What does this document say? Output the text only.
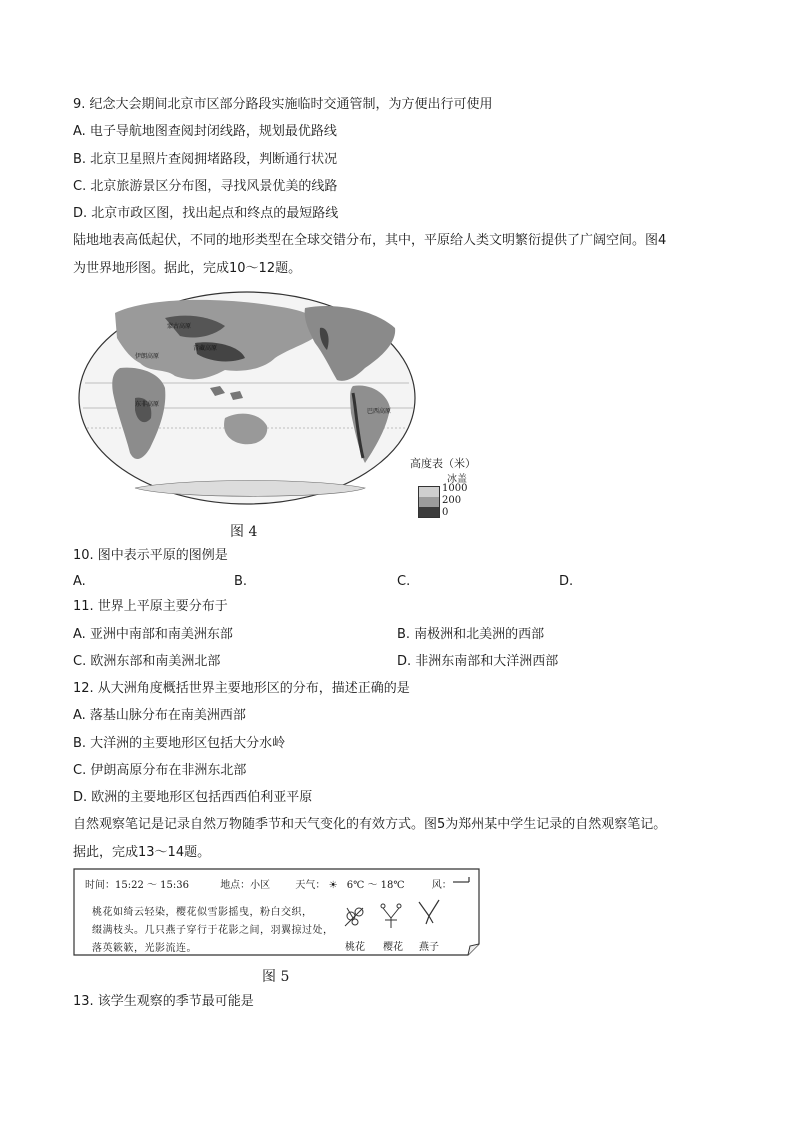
9. 纪念大会期间北京市区部分路段实施临时交通管制，为方便出行可使用
A. 电子导航地图查阅封闭线路，规划最优路线
B. 北京卫星照片查阅拥堵路段，判断通行状况
C. 北京旅游景区分布图，寻找风景优美的线路
D. 北京市政区图，找出起点和终点的最短路线
陆地地表高低起伏，不同的地形类型在全球交错分布，其中，平原给人类文明繁衍提供了广阔空间。图4
为世界地形图。据此，完成10～12题。
蒙古高原
青藏高原
伊朗高原
东非高原
巴西高原
高度表（米）
冰盖
1000
200
0
图 4
10. 图中表示平原的图例是
A.	B.	C.	D.
11. 世界上平原主要分布于
A. 亚洲中南部和南美洲东部	B. 南极洲和北美洲的西部
C. 欧洲东部和南美洲北部	D. 非洲东南部和大洋洲西部
12. 从大洲角度概括世界主要地形区的分布，描述正确的是
A. 落基山脉分布在南美洲西部
B. 大洋洲的主要地形区包括大分水岭
C. 伊朗高原分布在非洲东北部
D. 欧洲的主要地形区包括西西伯利亚平原
自然观察笔记是记录自然万物随季节和天气变化的有效方式。图5为郑州某中学生记录的自然观察笔记。
据此，完成13～14题。
时间：15:22 ～ 15:36	地点：小区	天气： ☀ 6℃ ～ 18℃	风：
桃花如绮云轻染，樱花似雪影摇曳，粉白交织，
缀满枝头。几只燕子穿行于花影之间，羽翼掠过处，
落英簌簌，光影流连。	桃花 樱花 燕子
图 5
13. 该学生观察的季节最可能是
